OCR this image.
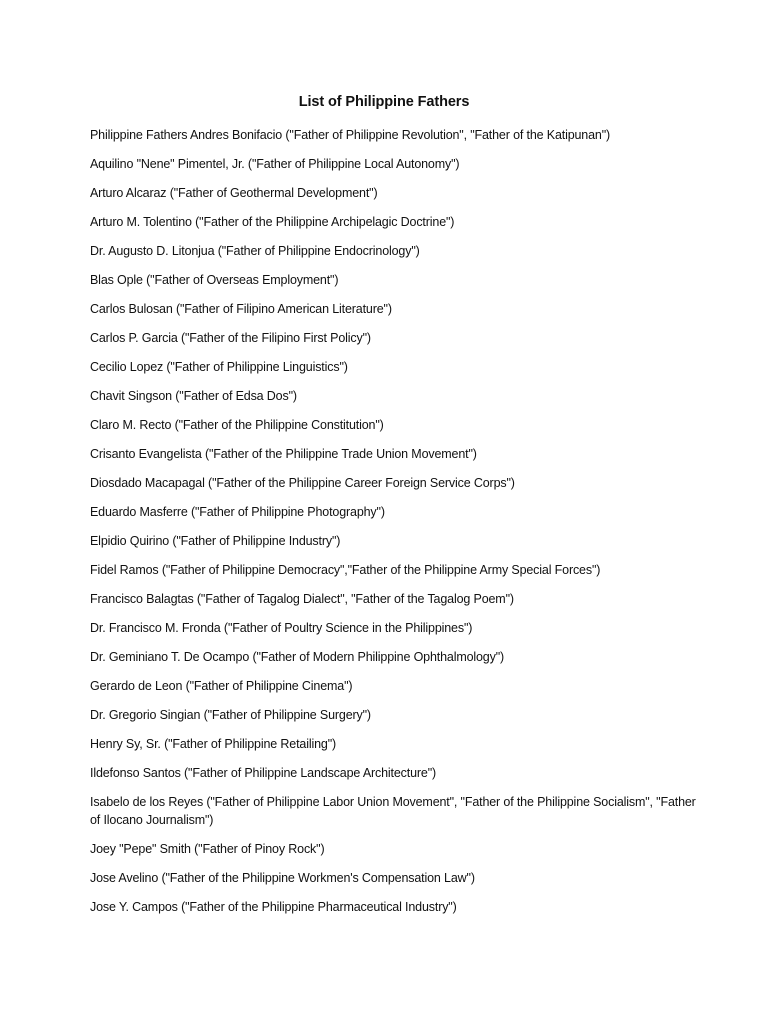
List of Philippine Fathers
Philippine Fathers Andres Bonifacio ("Father of Philippine Revolution", "Father of the Katipunan")
Aquilino "Nene" Pimentel, Jr. ("Father of Philippine Local Autonomy")
Arturo Alcaraz ("Father of Geothermal Development")
Arturo M. Tolentino ("Father of the Philippine Archipelagic Doctrine")
Dr. Augusto D. Litonjua ("Father of Philippine Endocrinology")
Blas Ople ("Father of Overseas Employment")
Carlos Bulosan ("Father of Filipino American Literature")
Carlos P. Garcia ("Father of the Filipino First Policy")
Cecilio Lopez ("Father of Philippine Linguistics")
Chavit Singson ("Father of Edsa Dos")
Claro M. Recto ("Father of the Philippine Constitution")
Crisanto Evangelista ("Father of the Philippine Trade Union Movement")
Diosdado Macapagal ("Father of the Philippine Career Foreign Service Corps")
Eduardo Masferre ("Father of Philippine Photography")
Elpidio Quirino ("Father of Philippine Industry")
Fidel Ramos ("Father of Philippine Democracy","Father of the Philippine Army Special Forces")
Francisco Balagtas ("Father of Tagalog Dialect", "Father of the Tagalog Poem")
Dr. Francisco M. Fronda ("Father of Poultry Science in the Philippines")
Dr. Geminiano T. De Ocampo ("Father of Modern Philippine Ophthalmology")
Gerardo de Leon ("Father of Philippine Cinema")
Dr. Gregorio Singian ("Father of Philippine Surgery")
Henry Sy, Sr. ("Father of Philippine Retailing")
Ildefonso Santos ("Father of Philippine Landscape Architecture")
Isabelo de los Reyes ("Father of Philippine Labor Union Movement", "Father of the Philippine Socialism", "Father of Ilocano Journalism")
Joey "Pepe" Smith ("Father of Pinoy Rock")
Jose Avelino ("Father of the Philippine Workmen's Compensation Law")
Jose Y. Campos ("Father of the Philippine Pharmaceutical Industry")
